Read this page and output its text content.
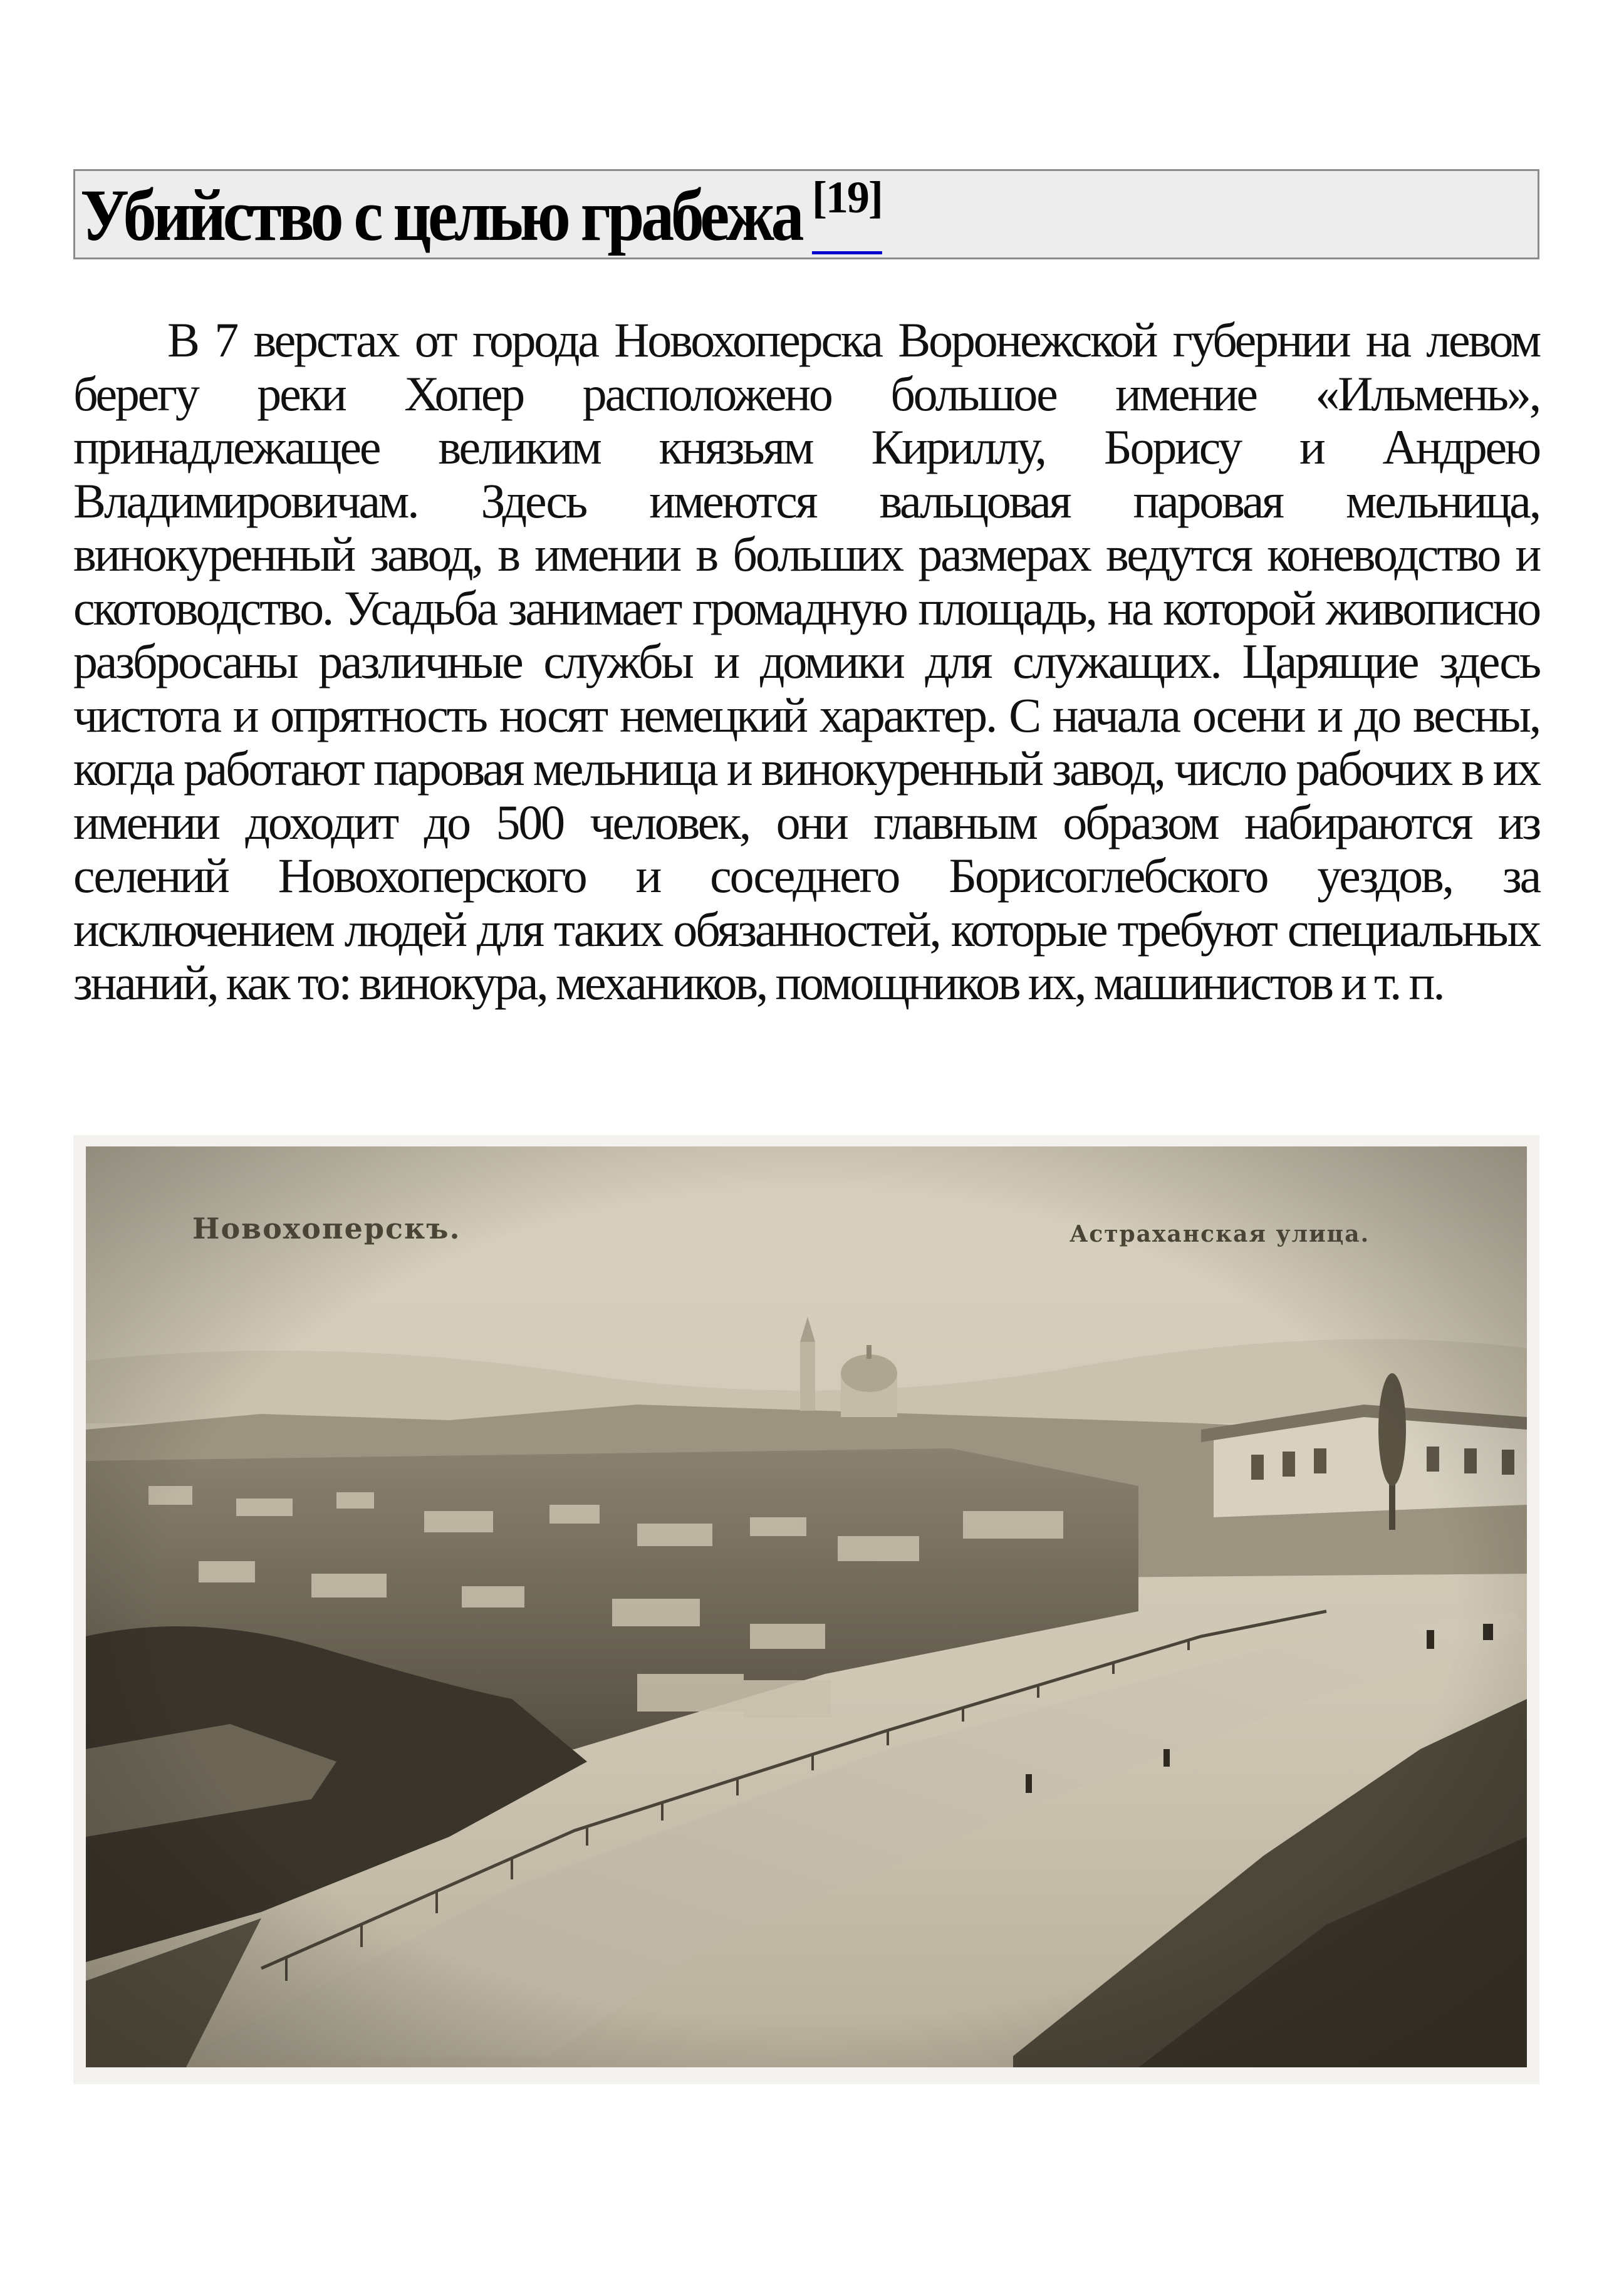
Убийство с целью грабежа [19]

В 7 верстах от города Новохоперска Воронежской губернии на левом берегу реки Хопер расположено большое имение «Ильмень», принадлежащее великим князьям Кириллу, Борису и Андрею Владимировичам. Здесь имеются вальцовая паровая мельница, винокуренный завод, в имении в больших размерах ведутся коневодство и скотоводство. Усадьба занимает громадную площадь, на которой живописно разбросаны различные службы и домики для служащих. Царящие здесь чистота и опрятность носят немецкий характер. С начала осени и до весны, когда работают паровая мельница и винокуренный завод, число рабочих в их имении доходит до 500 человек, они главным образом набираются из селений Новохоперского и соседнего Борисоглебского уездов, за исключением людей для таких обязанностей, которые требуют специальных знаний, как то: винокура, механиков, помощников их, машинистов и т. п.

Новохоперскъ.	Астраханская улица.
